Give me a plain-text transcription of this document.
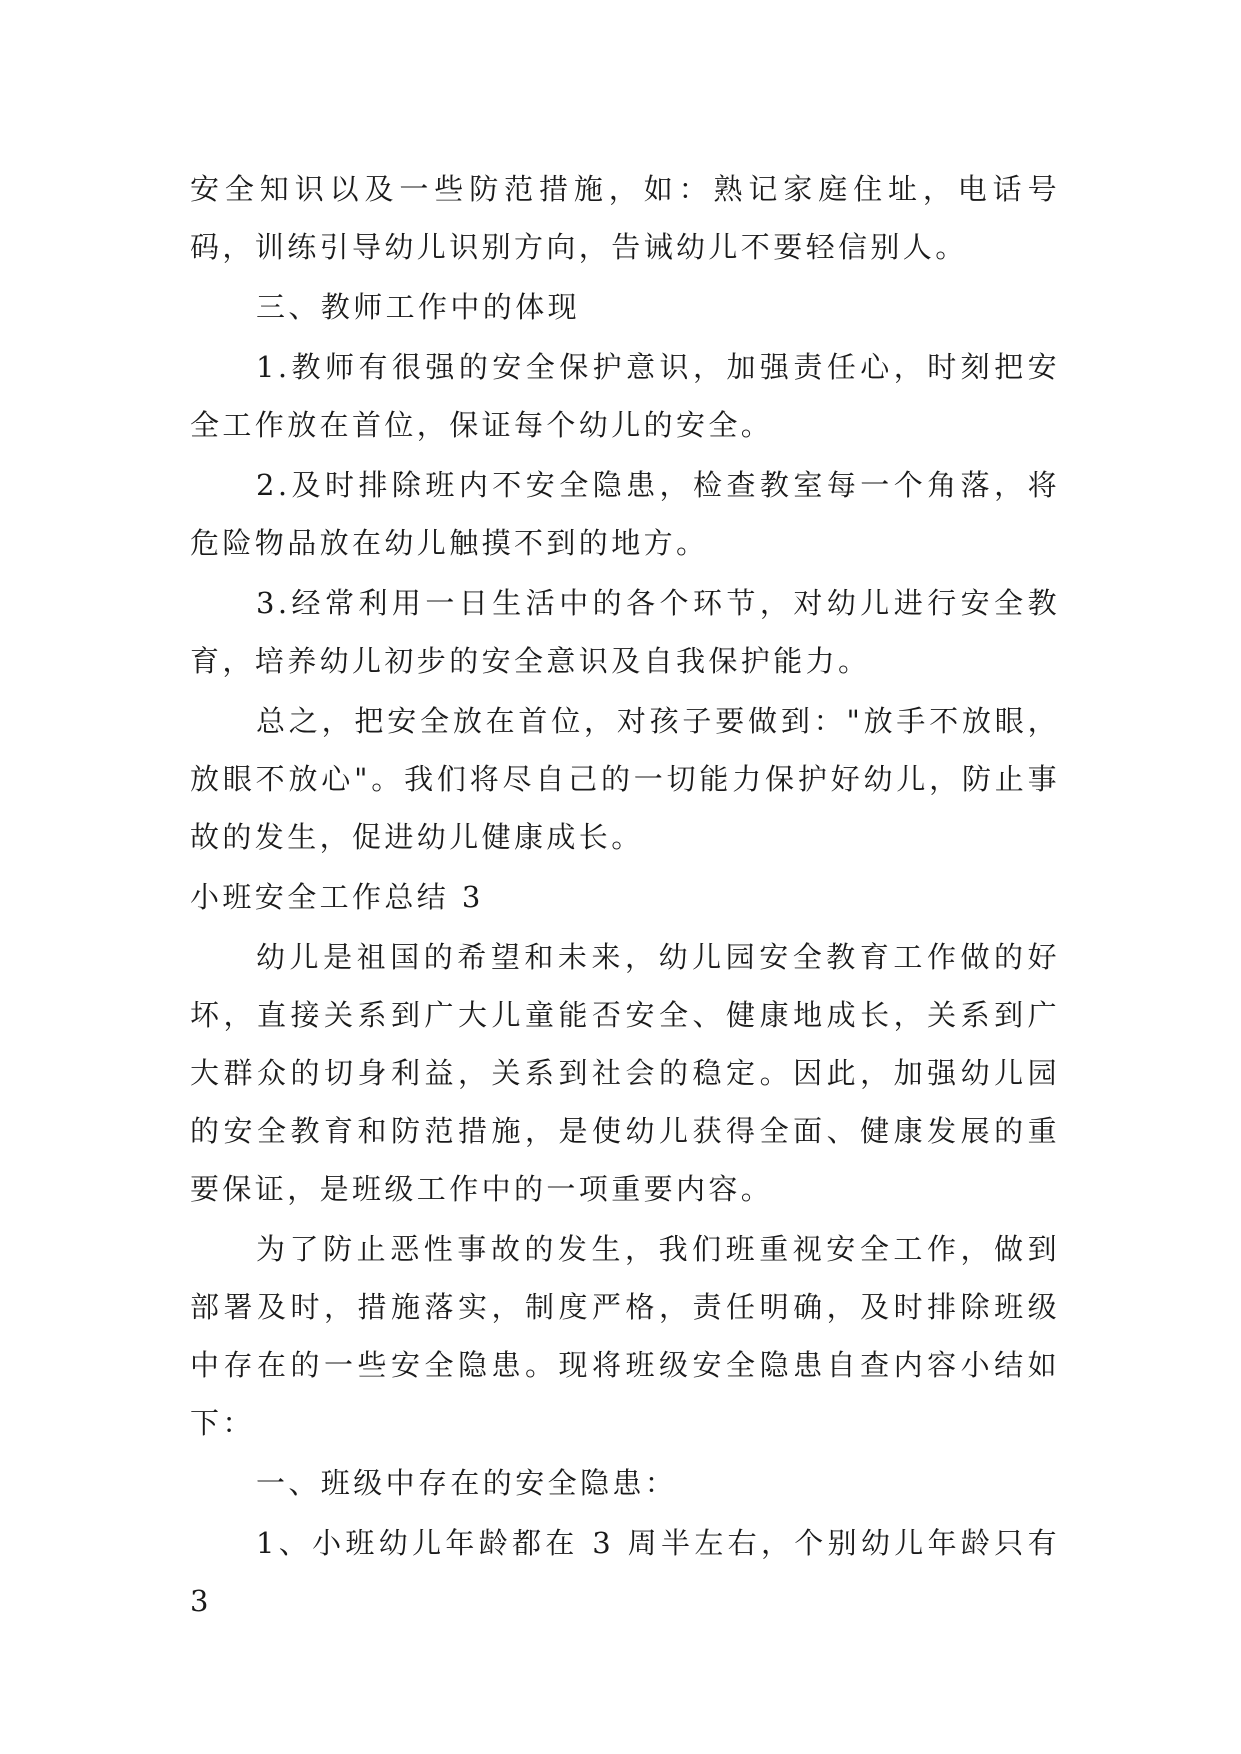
安全知识以及一些防范措施，如：熟记家庭住址，电话号码，训练引导幼儿识别方向，告诫幼儿不要轻信别人。

三、教师工作中的体现

1.教师有很强的安全保护意识，加强责任心，时刻把安全工作放在首位，保证每个幼儿的安全。

2.及时排除班内不安全隐患，检查教室每一个角落，将危险物品放在幼儿触摸不到的地方。

3.经常利用一日生活中的各个环节，对幼儿进行安全教育，培养幼儿初步的安全意识及自我保护能力。

总之，把安全放在首位，对孩子要做到："放手不放眼，放眼不放心"。我们将尽自己的一切能力保护好幼儿，防止事故的发生，促进幼儿健康成长。

小班安全工作总结 3

幼儿是祖国的希望和未来，幼儿园安全教育工作做的好坏，直接关系到广大儿童能否安全、健康地成长，关系到广大群众的切身利益，关系到社会的稳定。因此，加强幼儿园的安全教育和防范措施，是使幼儿获得全面、健康发展的重要保证，是班级工作中的一项重要内容。

为了防止恶性事故的发生，我们班重视安全工作，做到部署及时，措施落实，制度严格，责任明确，及时排除班级中存在的一些安全隐患。现将班级安全隐患自查内容小结如下：

一、班级中存在的安全隐患：

1、小班幼儿年龄都在 3 周半左右，个别幼儿年龄只有 3
